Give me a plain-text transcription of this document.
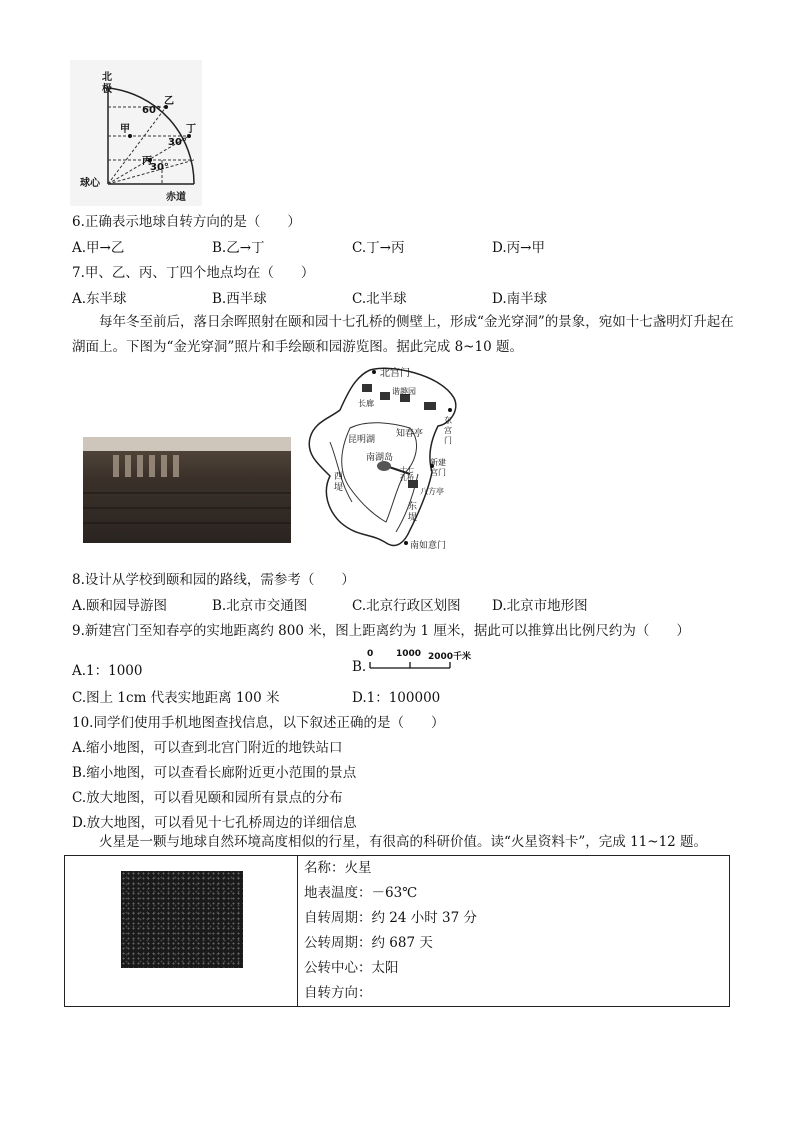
北
极
乙
60°
甲	丁
30°
丙
30°
球心
赤道
6.正确表示地球自转方向的是（　　）
A.甲→乙	B.乙→丁	C.丁→丙	D.丙→甲
7.甲、乙、丙、丁四个地点均在（　　）
A.东半球	B.西半球	C.北半球	D.南半球
每年冬至前后，落日余晖照射在颐和园十七孔桥的侧壁上，形成“金光穿洞”的景象，宛如十七盏明灯升起在湖面上。下图为“金光穿洞”照片和手绘颐和园游览图。据此完成 8~10 题。
北宫门
谐趣园
长廊
东宫门
昆明湖
知春亭
南湖岛	新建宫门
西堤
十七孔桥
八方亭
东堤
南如意门
8.设计从学校到颐和园的路线，需参考（　　）
A.颐和园导游图	B.北京市交通图	C.北京行政区划图 D.北京市地形图
9.新建宫门至知春亭的实地距离约 800 米，图上距离约为 1 厘米，据此可以推算出比例尺约为（　　）
A.1：1000	B.
0	1000 2000千米
C.图上 1cm 代表实地距离 100 米	D.1：100000
10.同学们使用手机地图查找信息，以下叙述正确的是（　　）
A.缩小地图，可以查到北宫门附近的地铁站口
B.缩小地图，可以查看长廊附近更小范围的景点
C.放大地图，可以看见颐和园所有景点的分布
D.放大地图，可以看见十七孔桥周边的详细信息
火星是一颗与地球自然环境高度相似的行星，有很高的科研价值。读“火星资料卡”，完成 11~12 题。

名称：火星
地表温度：－63℃
自转周期：约 24 小时 37 分
公转周期：约 687 天
公转中心：太阳
自转方向：
